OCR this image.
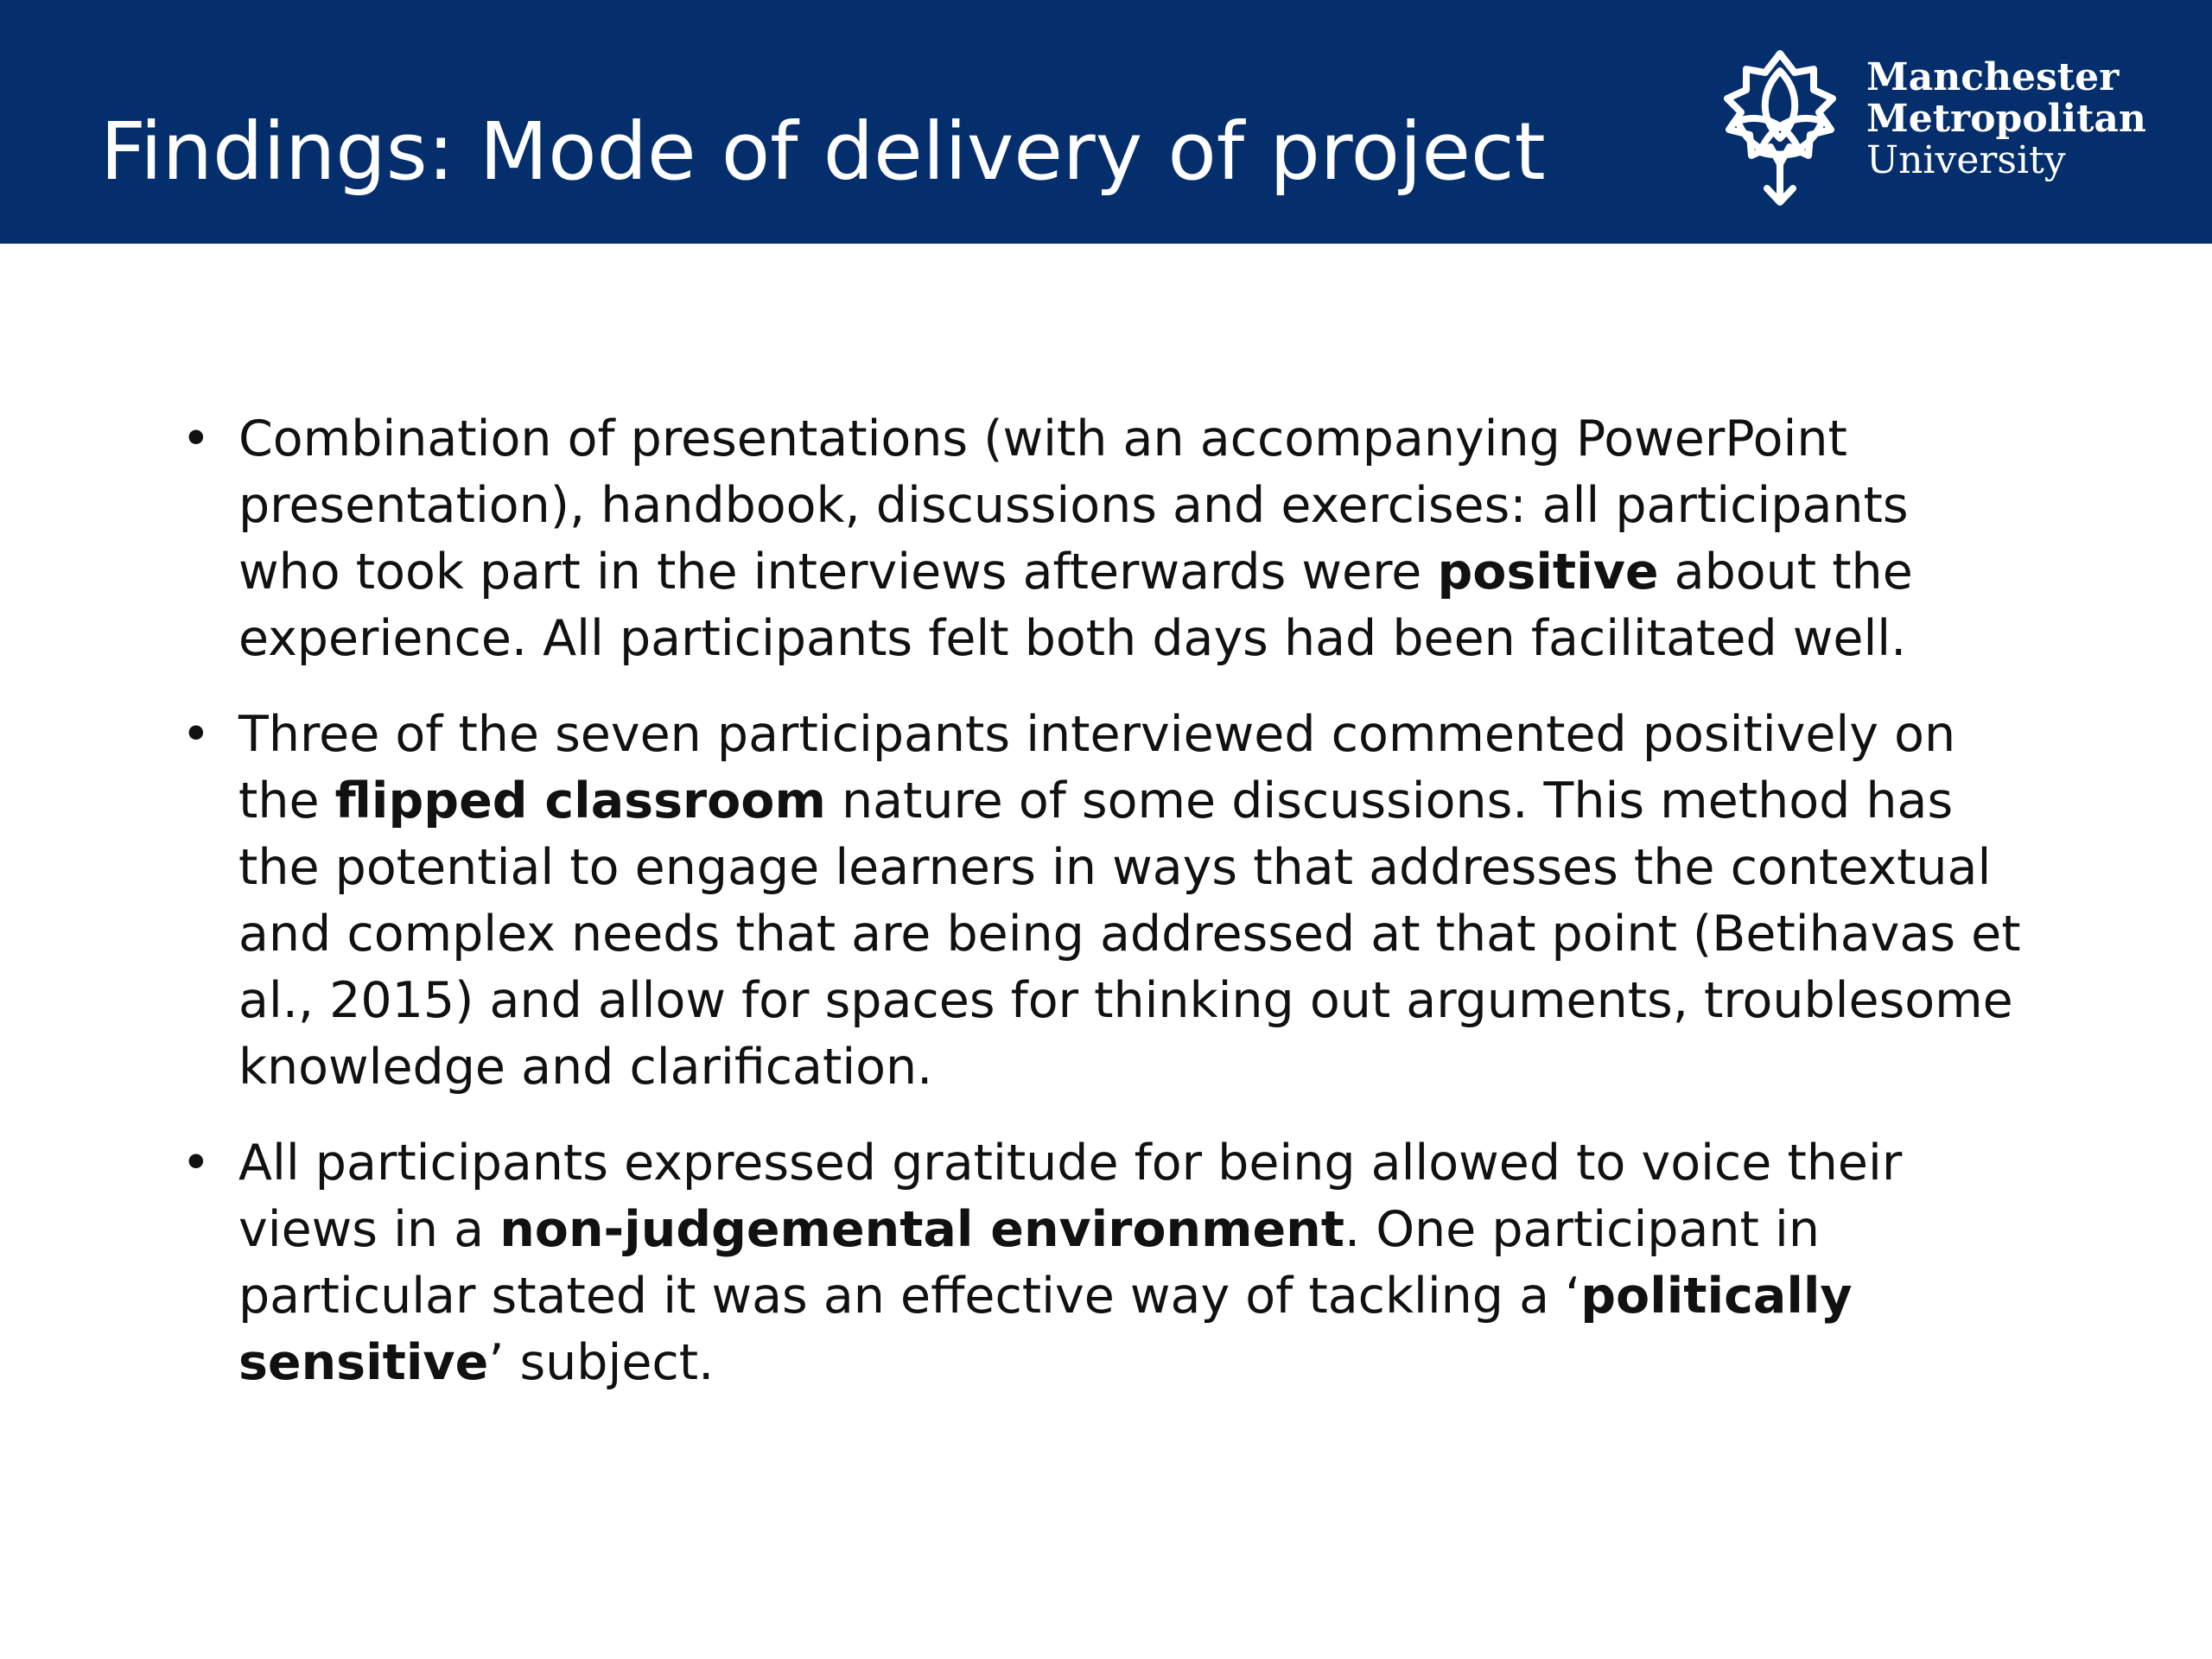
Findings: Mode of delivery of project
Manchester
Metropolitan
University
• Combination of presentations (with an accompanying PowerPoint presentation), handbook, discussions and exercises: all participants who took part in the interviews afterwards were positive about the experience. All participants felt both days had been facilitated well.
• Three of the seven participants interviewed commented positively on the flipped classroom nature of some discussions. This method has the potential to engage learners in ways that addresses the contextual and complex needs that are being addressed at that point (Betihavas et al., 2015) and allow for spaces for thinking out arguments, troublesome knowledge and clarification.
• All participants expressed gratitude for being allowed to voice their views in a non-judgemental environment. One participant in particular stated it was an effective way of tackling a ‘politically sensitive’ subject.
